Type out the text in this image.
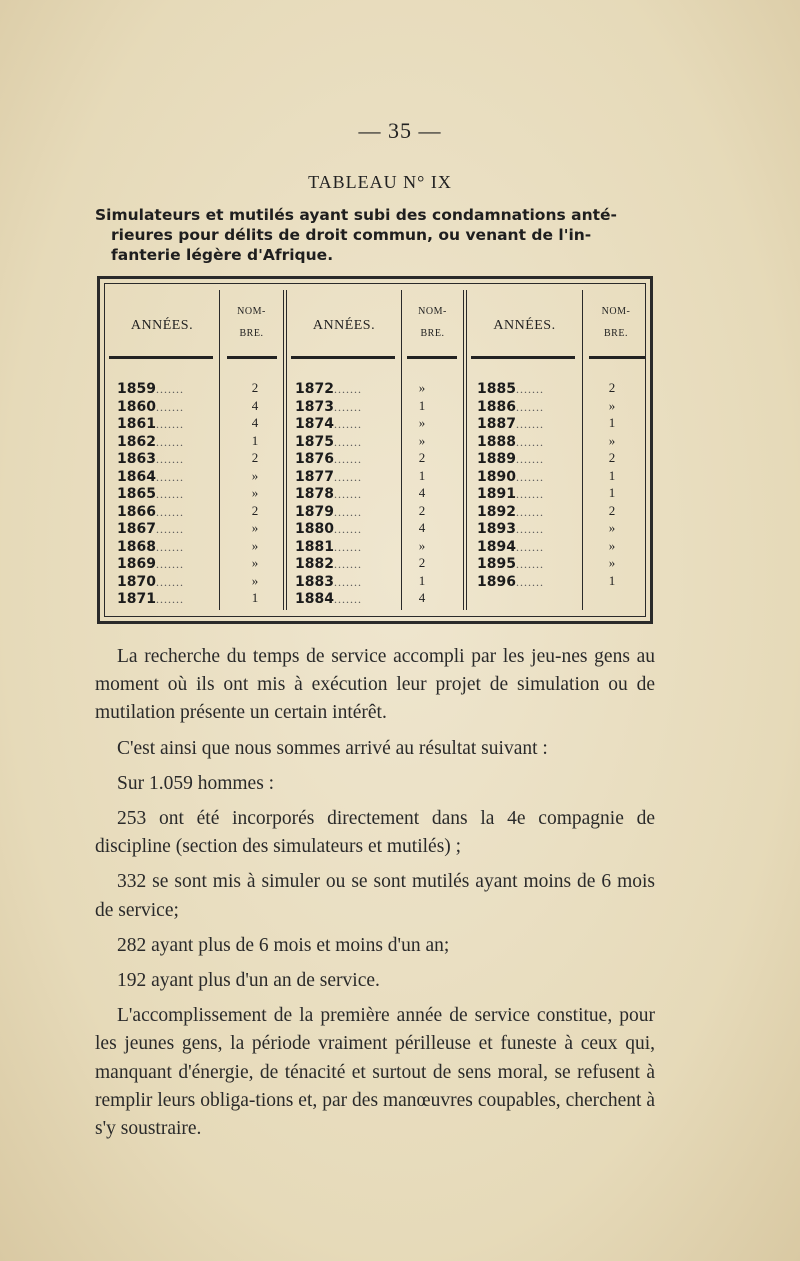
— 35 —
TABLEAU N° IX
Simulateurs et mutilés ayant subi des condamnations anté-
rieures pour délits de droit commun, ou venant de l'in-
fanterie légère d'Afrique.
ANNÉES.
NOM-
BRE.
ANNÉES.
NOM-
BRE.
ANNÉES.
NOM-
BRE.
1859.......	2
1860.......	4
1861.......	4
1862.......	1
1863.......	2
1864.......	»
1865.......	»
1866.......	2
1867.......	»
1868.......	»
1869.......	»
1870.......	»
1871.......	1
1872.......	»
1873.......	1
1874.......	»
1875.......	»
1876.......	2
1877.......	1
1878.......	4
1879.......	2
1880.......	4
1881.......	»
1882.......	2
1883.......	1
1884.......	4
1885.......	2
1886.......	»
1887.......	1
1888.......	»
1889.......	2
1890.......	1
1891.......	1
1892.......	2
1893.......	»
1894.......	»
1895.......	»
1896.......	1

La recherche du temps de service accompli par les jeu-nes gens au moment où ils ont mis à exécution leur projet de simulation ou de mutilation présente un certain intérêt.

C'est ainsi que nous sommes arrivé au résultat suivant :

Sur 1.059 hommes :

253 ont été incorporés directement dans la 4e compagnie de discipline (section des simulateurs et mutilés) ;

332 se sont mis à simuler ou se sont mutilés ayant moins de 6 mois de service;

282 ayant plus de 6 mois et moins d'un an;

192 ayant plus d'un an de service.

L'accomplissement de la première année de service constitue, pour les jeunes gens, la période vraiment périlleuse et funeste à ceux qui, manquant d'énergie, de ténacité et surtout de sens moral, se refusent à remplir leurs obliga-tions et, par des manœuvres coupables, cherchent à s'y soustraire.
